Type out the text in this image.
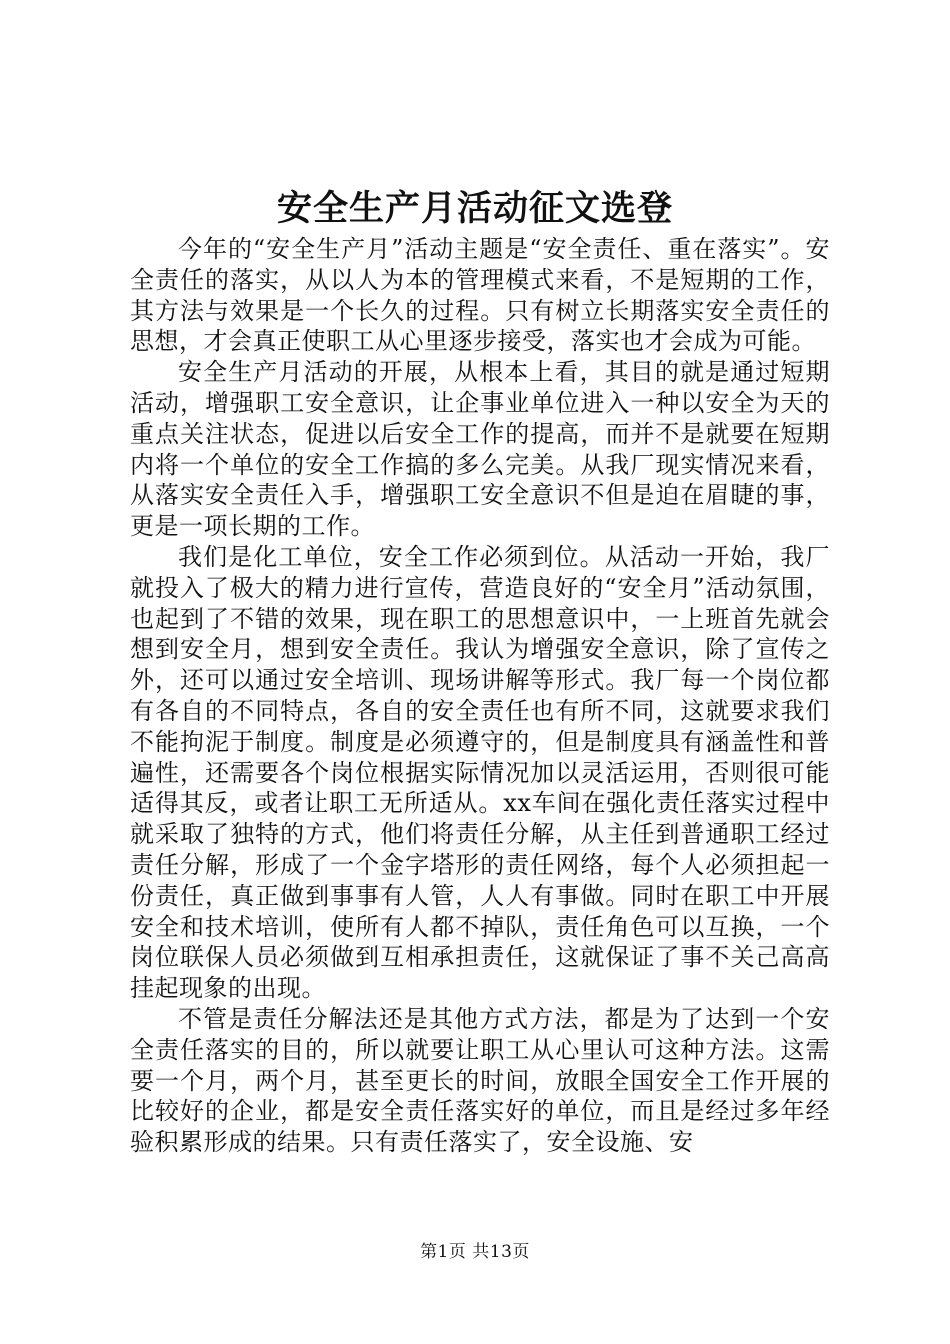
安全生产月活动征文选登

今年的“安全生产月”活动主题是“安全责任、重在落实”。安全责任的落实，从以人为本的管理模式来看，不是短期的工作，其方法与效果是一个长久的过程。只有树立长期落实安全责任的思想，才会真正使职工从心里逐步接受，落实也才会成为可能。

安全生产月活动的开展，从根本上看，其目的就是通过短期活动，增强职工安全意识，让企事业单位进入一种以安全为天的重点关注状态，促进以后安全工作的提高，而并不是就要在短期内将一个单位的安全工作搞的多么完美。从我厂现实情况来看，从落实安全责任入手，增强职工安全意识不但是迫在眉睫的事，更是一项长期的工作。

我们是化工单位，安全工作必须到位。从活动一开始，我厂就投入了极大的精力进行宣传，营造良好的“安全月”活动氛围，也起到了不错的效果，现在职工的思想意识中，一上班首先就会想到安全月，想到安全责任。我认为增强安全意识，除了宣传之外，还可以通过安全培训、现场讲解等形式。我厂每一个岗位都有各自的不同特点，各自的安全责任也有所不同，这就要求我们不能拘泥于制度。制度是必须遵守的，但是制度具有涵盖性和普遍性，还需要各个岗位根据实际情况加以灵活运用，否则很可能适得其反，或者让职工无所适从。xx车间在强化责任落实过程中就采取了独特的方式，他们将责任分解，从主任到普通职工经过责任分解，形成了一个金字塔形的责任网络，每个人必须担起一份责任，真正做到事事有人管，人人有事做。同时在职工中开展安全和技术培训，使所有人都不掉队，责任角色可以互换，一个岗位联保人员必须做到互相承担责任，这就保证了事不关己高高挂起现象的出现。

不管是责任分解法还是其他方式方法，都是为了达到一个安全责任落实的目的，所以就要让职工从心里认可这种方法。这需要一个月，两个月，甚至更长的时间，放眼全国安全工作开展的比较好的企业，都是安全责任落实好的单位，而且是经过多年经验积累形成的结果。只有责任落实了，安全设施、安

第1页 共13页
